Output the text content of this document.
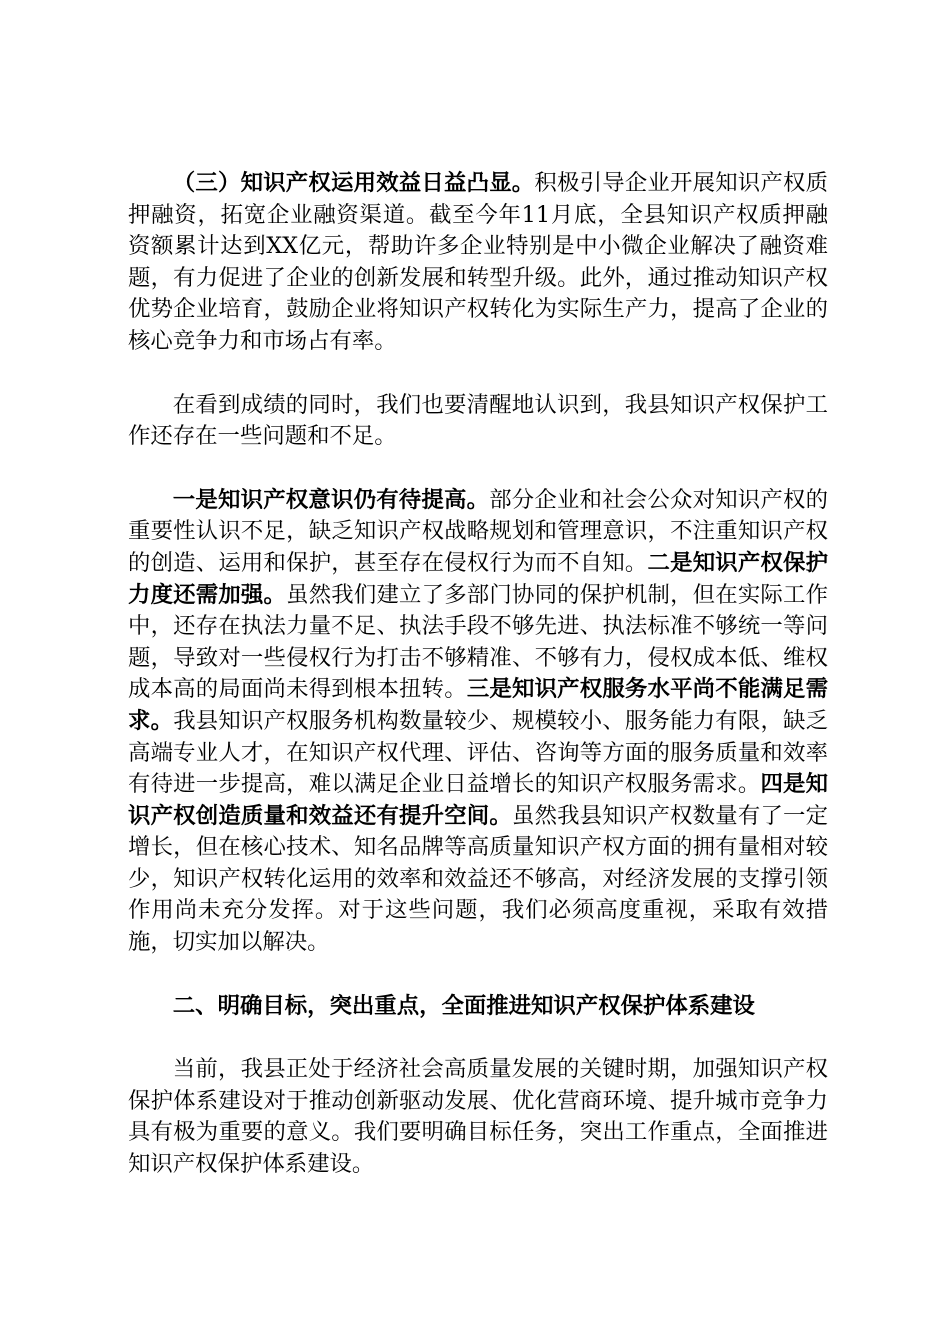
（三）知识产权运用效益日益凸显。积极引导企业开展知识产权质押融资，拓宽企业融资渠道。截至今年11月底，全县知识产权质押融资额累计达到XX亿元，帮助许多企业特别是中小微企业解决了融资难题，有力促进了企业的创新发展和转型升级。此外，通过推动知识产权优势企业培育，鼓励企业将知识产权转化为实际生产力，提高了企业的核心竞争力和市场占有率。

在看到成绩的同时，我们也要清醒地认识到，我县知识产权保护工作还存在一些问题和不足。

一是知识产权意识仍有待提高。部分企业和社会公众对知识产权的重要性认识不足，缺乏知识产权战略规划和管理意识，不注重知识产权的创造、运用和保护，甚至存在侵权行为而不自知。二是知识产权保护力度还需加强。虽然我们建立了多部门协同的保护机制，但在实际工作中，还存在执法力量不足、执法手段不够先进、执法标准不够统一等问题，导致对一些侵权行为打击不够精准、不够有力，侵权成本低、维权成本高的局面尚未得到根本扭转。三是知识产权服务水平尚不能满足需求。我县知识产权服务机构数量较少、规模较小、服务能力有限，缺乏高端专业人才，在知识产权代理、评估、咨询等方面的服务质量和效率有待进一步提高，难以满足企业日益增长的知识产权服务需求。四是知识产权创造质量和效益还有提升空间。虽然我县知识产权数量有了一定增长，但在核心技术、知名品牌等高质量知识产权方面的拥有量相对较少，知识产权转化运用的效率和效益还不够高，对经济发展的支撑引领作用尚未充分发挥。对于这些问题，我们必须高度重视，采取有效措施，切实加以解决。

二、明确目标，突出重点，全面推进知识产权保护体系建设

当前，我县正处于经济社会高质量发展的关键时期，加强知识产权保护体系建设对于推动创新驱动发展、优化营商环境、提升城市竞争力具有极为重要的意义。我们要明确目标任务，突出工作重点，全面推进知识产权保护体系建设。
